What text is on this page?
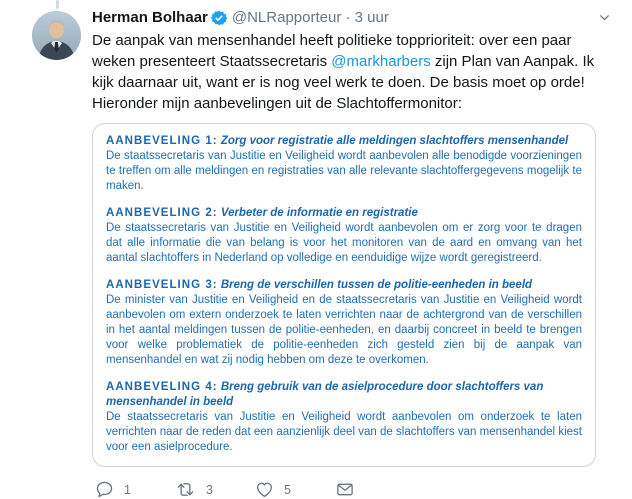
Herman Bolhaar @NLRapporteur · 3 uur
De aanpak van mensenhandel heeft politieke topprioriteit: over een paar weken presenteert Staatssecretaris @markharbers zijn Plan van Aanpak. Ik kijk daarnaar uit, want er is nog veel werk te doen. De basis moet op orde! Hieronder mijn aanbevelingen uit de Slachtoffermonitor:
AANBEVELING 1: Zorg voor registratie alle meldingen slachtoffers mensenhandel
De staatssecretaris van Justitie en Veiligheid wordt aanbevolen alle benodigde voorzieningen te treffen om alle meldingen en registraties van alle relevante slachtoffergegevens mogelijk te maken.
AANBEVELING 2: Verbeter de informatie en registratie
De staatssecretaris van Justitie en Veiligheid wordt aanbevolen om er zorg voor te dragen dat alle informatie die van belang is voor het monitoren van de aard en omvang van het aantal slachtoffers in Nederland op volledige en eenduidige wijze wordt geregistreerd.
AANBEVELING 3: Breng de verschillen tussen de politie-eenheden in beeld
De minister van Justitie en Veiligheid en de staatssecretaris van Justitie en Veiligheid wordt aanbevolen om extern onderzoek te laten verrichten naar de achtergrond van de verschillen in het aantal meldingen tussen de politie-eenheden, en daarbij concreet in beeld te brengen voor welke problematiek de politie-eenheden zich gesteld zien bij de aanpak van mensenhandel en wat zij nodig hebben om deze te overkomen.
AANBEVELING 4: Breng gebruik van de asielprocedure door slachtoffers van mensenhandel in beeld
De staatssecretaris van Justitie en Veiligheid wordt aanbevolen om onderzoek te laten verrichten naar de reden dat een aanzienlijk deel van de slachtoffers van mensenhandel kiest voor een asielprocedure.
1	3	5
